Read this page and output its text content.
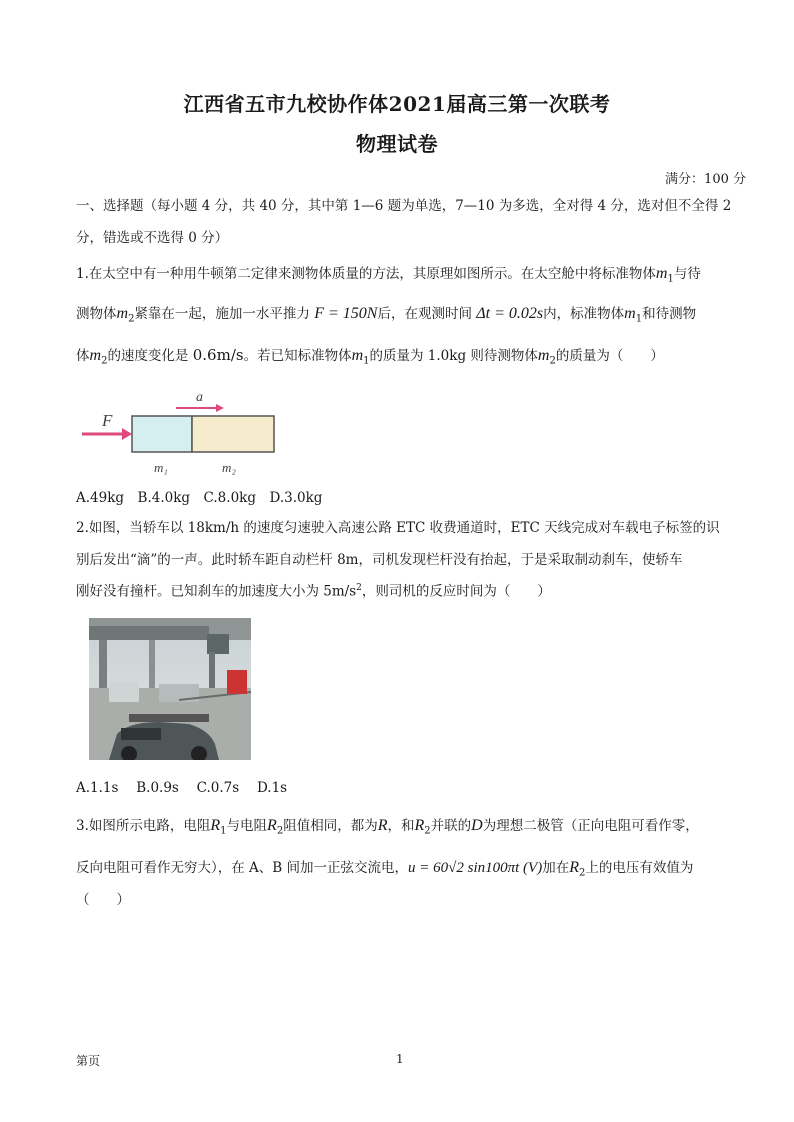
江西省五市九校协作体2021届高三第一次联考
物理试卷
满分：100 分
一、选择题（每小题 4 分，共 40 分，其中第 1—6 题为单选，7—10 为多选，全对得 4 分，选对但不全得 2
分，错选或不选得 0 分）
1.在太空中有一种用牛顿第二定律来测物体质量的方法，其原理如图所示。在太空舱中将标准物体$m_1$与待
测物体$m_2$紧靠在一起，施加一水平推力 F = 150N后，在观测时间 Δt = 0.02s内，标准物体$m_1$和待测物
体$m_2$的速度变化是 0.6m/s。若已知标准物体$m_1$的质量为 1.0kg 则待测物体$m_2$的质量为（　　）
F
a
m₁	m₂
A.49kg　B.4.0kg　C.8.0kg　D.3.0kg
2.如图，当轿车以 18km/h 的速度匀速驶入高速公路 ETC 收费通道时，ETC 天线完成对车载电子标签的识
别后发出“滴”的一声。此时轿车距自动栏杆 8m，司机发现栏杆没有抬起，于是采取制动刹车，使轿车
刚好没有撞杆。已知刹车的加速度大小为 $5m/s^2$，则司机的反应时间为（　　）
A.1.1s　 B.0.9s　 C.0.7s　 D.1s
3.如图所示电路，电阻$R_1$与电阻$R_2$阻值相同，都为R，和$R_2$并联的D为理想二极管（正向电阻可看作零，
反向电阻可看作无穷大），在 A、B 间加一正弦交流电，u = 60√2 sin100πt (V)加在$R_2$上的电压有效值为
（　　）
第页	1
